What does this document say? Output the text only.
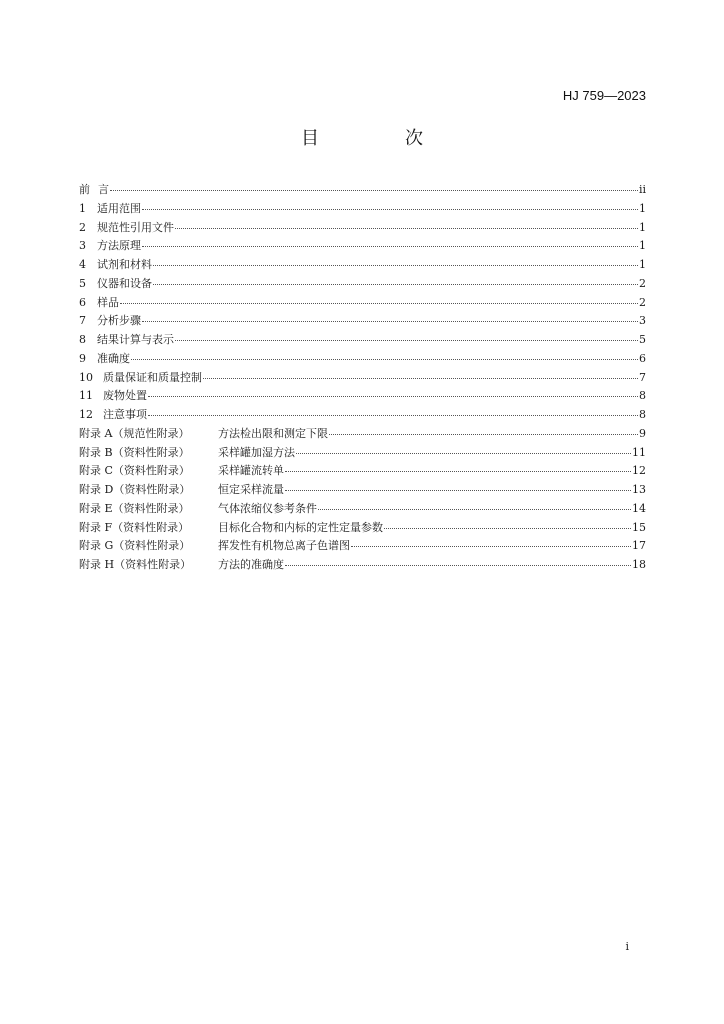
HJ 759—2023
目　次
前 言	ii
1	适用范围	1
2	规范性引用文件	1
3	方法原理	1
4	试剂和材料	1
5	仪器和设备	2
6	样品	2
7	分析步骤	3
8	结果计算与表示	5
9	准确度	6
10 质量保证和质量控制	7
11 废物处置	8
12 注意事项	8
附录 A（规范性附录）	方法检出限和测定下限	9
附录 B（资料性附录）	采样罐加湿方法	11
附录 C（资料性附录）	采样罐流转单	12
附录 D（资料性附录）	恒定采样流量	13
附录 E（资料性附录）	气体浓缩仪参考条件	14
附录 F（资料性附录）	目标化合物和内标的定性定量参数	15
附录 G（资料性附录）	挥发性有机物总离子色谱图	17
附录 H（资料性附录）	方法的准确度	18
i
